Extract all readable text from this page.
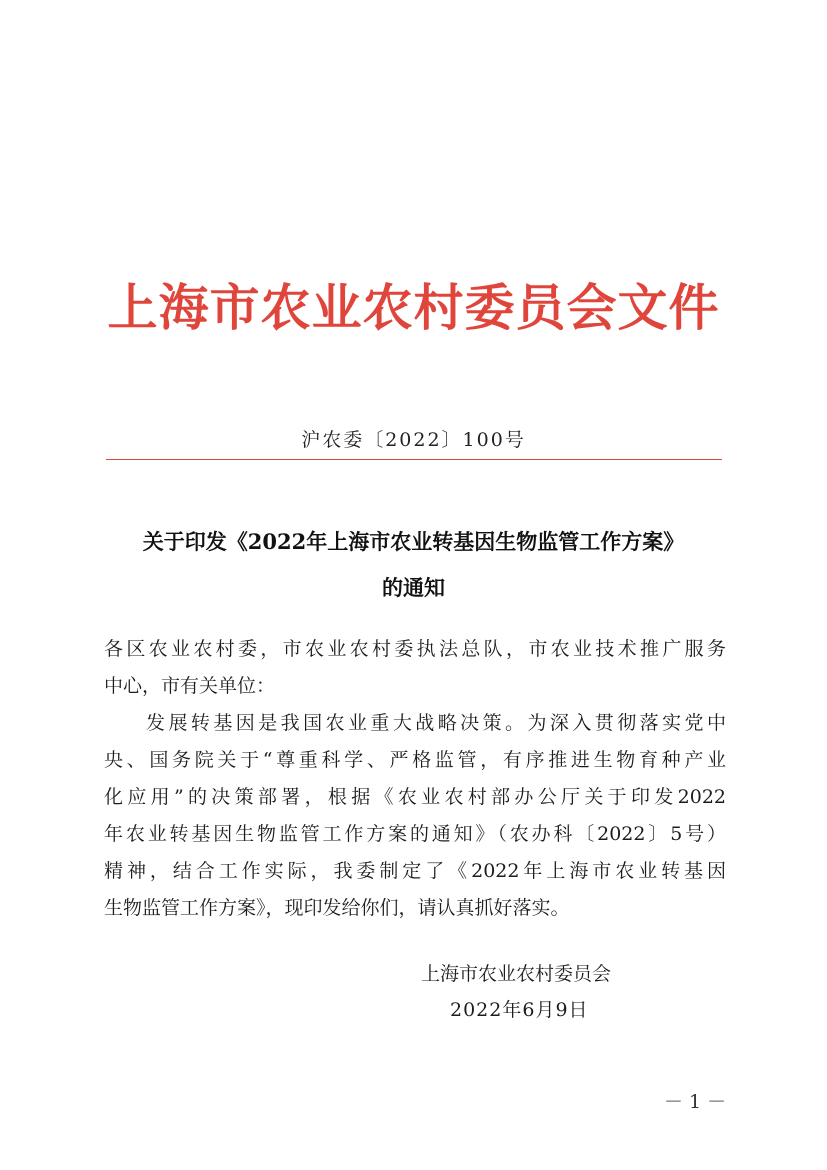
上海市农业农村委员会文件
沪农委〔2022〕100号
关于印发《2022年上海市农业转基因生物监管工作方案》
的通知
各区农业农村委，市农业农村委执法总队，市农业技术推广服务
中心，市有关单位：
发展转基因是我国农业重大战略决策。为深入贯彻落实党中
央、国务院关于“尊重科学、严格监管，有序推进生物育种产业
化应用”的决策部署，根据《农业农村部办公厅关于印发2022
年农业转基因生物监管工作方案的通知》（农办科〔2022〕5号）
精神，结合工作实际，我委制定了《2022年上海市农业转基因
生物监管工作方案》，现印发给你们，请认真抓好落实。
上海市农业农村委员会
2022年6月9日
－ 1 －
